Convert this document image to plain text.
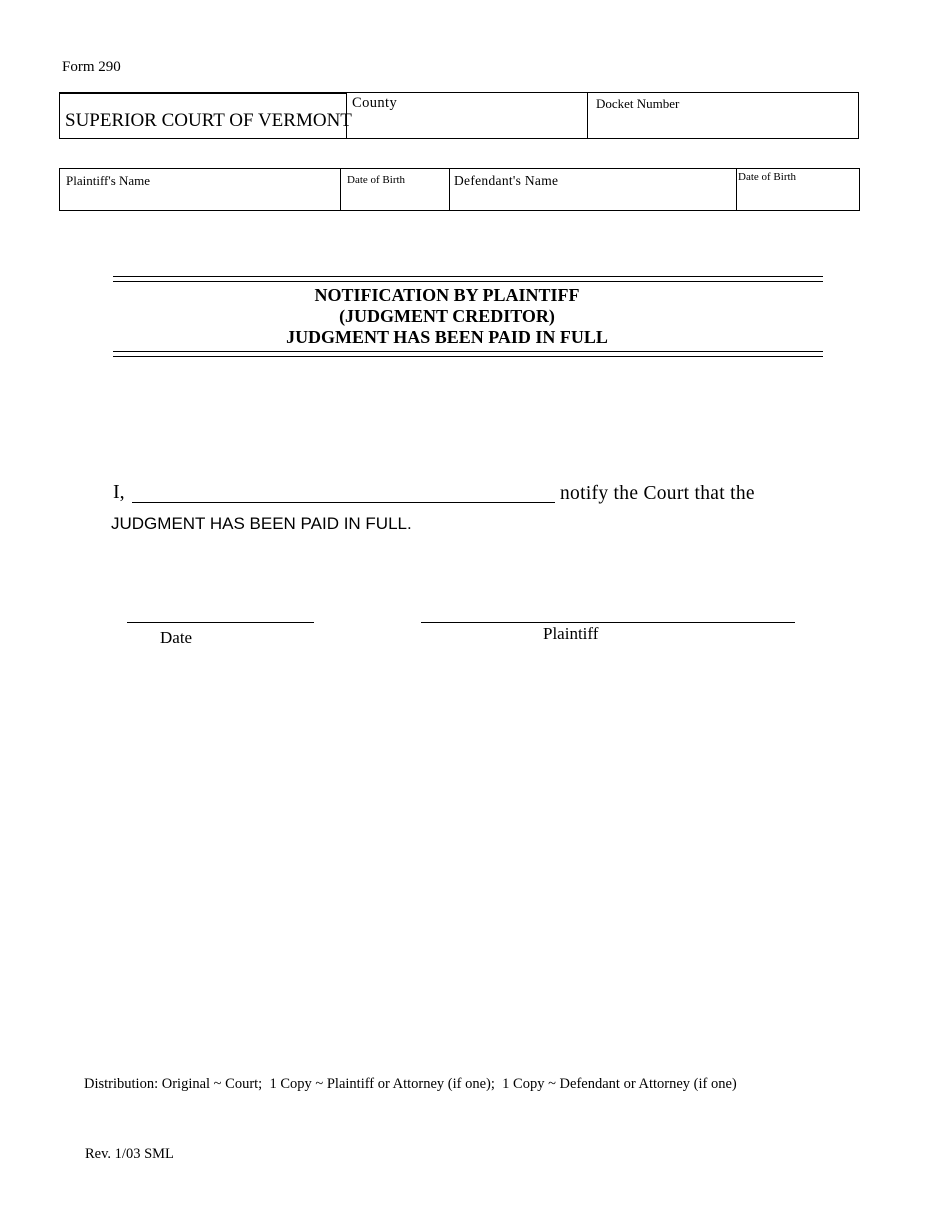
Form 290
SUPERIOR COURT OF VERMONT
County	Docket Number
Plaintiff's Name	Date of Birth	Defendant's Name	Date of Birth
NOTIFICATION BY PLAINTIFF
(JUDGMENT CREDITOR)
JUDGMENT HAS BEEN PAID IN FULL
I,	notify the Court that the
JUDGMENT HAS BEEN PAID IN FULL.
Date	Plaintiff
Distribution: Original ~ Court;  1 Copy ~ Plaintiff or Attorney (if one);  1 Copy ~ Defendant or Attorney (if one)
Rev. 1/03 SML
